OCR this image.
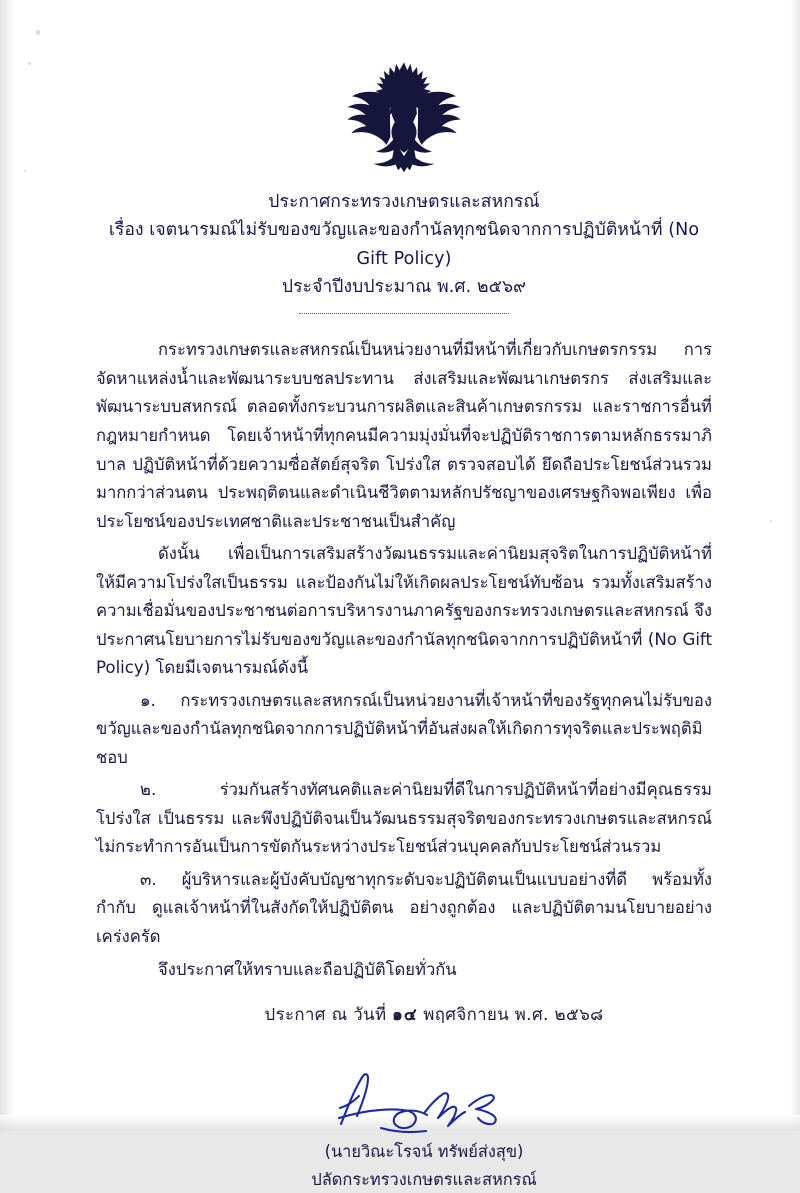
ประกาศกระทรวงเกษตรและสหกรณ์
เรื่อง เจตนารมณ์ไม่รับของขวัญและของกำนัลทุกชนิดจากการปฏิบัติหน้าที่ (No Gift Policy)
ประจำปีงบประมาณ พ.ศ. ๒๕๖๙

กระทรวงเกษตรและสหกรณ์เป็นหน่วยงานที่มีหน้าที่เกี่ยวกับเกษตรกรรม การจัดหาแหล่งน้ำและพัฒนาระบบชลประทาน ส่งเสริมและพัฒนาเกษตรกร ส่งเสริมและพัฒนาระบบสหกรณ์ ตลอดทั้งกระบวนการผลิตและสินค้าเกษตรกรรม และราชการอื่นที่กฎหมายกำหนด โดยเจ้าหน้าที่ทุกคนมีความมุ่งมั่นที่จะปฏิบัติราชการตามหลักธรรมาภิบาล ปฏิบัติหน้าที่ด้วยความซื่อสัตย์สุจริต โปร่งใส ตรวจสอบได้ ยึดถือประโยชน์ส่วนรวมมากกว่าส่วนตน ประพฤติตนและดำเนินชีวิตตามหลักปรัชญาของเศรษฐกิจพอเพียง เพื่อประโยชน์ของประเทศชาติและประชาชนเป็นสำคัญ

ดังนั้น เพื่อเป็นการเสริมสร้างวัฒนธรรมและค่านิยมสุจริตในการปฏิบัติหน้าที่ ให้มีความโปร่งใสเป็นธรรม และป้องกันไม่ให้เกิดผลประโยชน์ทับซ้อน รวมทั้งเสริมสร้างความเชื่อมั่นของประชาชนต่อการบริหารงานภาครัฐของกระทรวงเกษตรและสหกรณ์ จึงประกาศนโยบายการไม่รับของขวัญและของกำนัลทุกชนิดจากการปฏิบัติหน้าที่ (No Gift Policy) โดยมีเจตนารมณ์ดังนี้

๑. กระทรวงเกษตรและสหกรณ์เป็นหน่วยงานที่เจ้าหน้าที่ของรัฐทุกคนไม่รับของขวัญและของกำนัลทุกชนิดจากการปฏิบัติหน้าที่อันส่งผลให้เกิดการทุจริตและประพฤติมิชอบ

๒. ร่วมกันสร้างทัศนคติและค่านิยมที่ดีในการปฏิบัติหน้าที่อย่างมีคุณธรรม โปร่งใส เป็นธรรม และพึงปฏิบัติจนเป็นวัฒนธรรมสุจริตของกระทรวงเกษตรและสหกรณ์ ไม่กระทำการอันเป็นการขัดกันระหว่างประโยชน์ส่วนบุคคลกับประโยชน์ส่วนรวม

๓. ผู้บริหารและผู้บังคับบัญชาทุกระดับจะปฏิบัติตนเป็นแบบอย่างที่ดี พร้อมทั้งกำกับ ดูแลเจ้าหน้าที่ในสังกัดให้ปฏิบัติตน อย่างถูกต้อง และปฏิบัติตามนโยบายอย่างเคร่งครัด

จึงประกาศให้ทราบและถือปฏิบัติโดยทั่วกัน

ประกาศ ณ วันที่ ๑๔ พฤศจิกายน พ.ศ. ๒๕๖๘
(นายวิณะโรจน์ ทรัพย์ส่งสุข)
ปลัดกระทรวงเกษตรและสหกรณ์
